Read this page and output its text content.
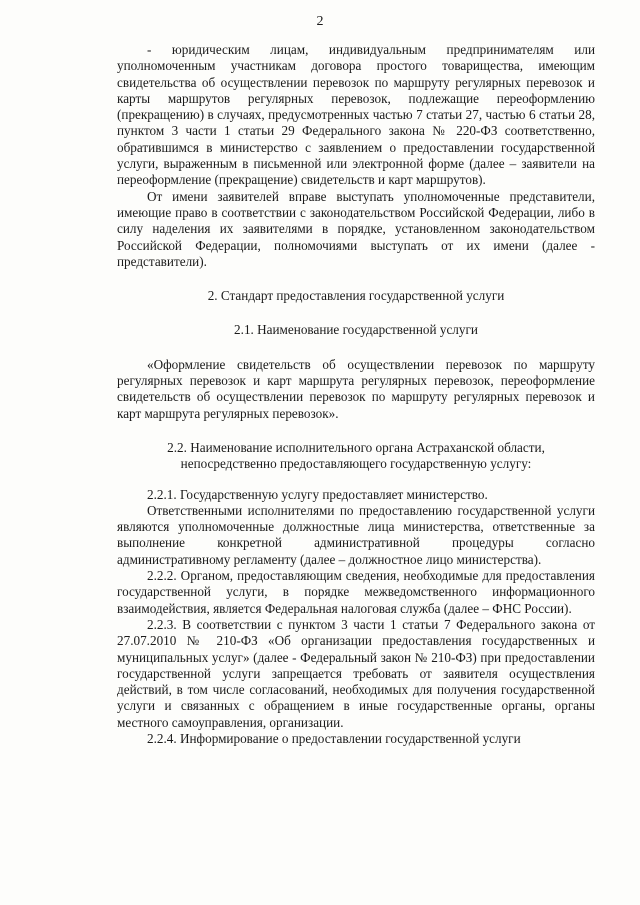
2

- юридическим лицам, индивидуальным предпринимателям или уполномоченным участникам договора простого товарищества, имеющим свидетельства об осуществлении перевозок по маршруту регулярных перевозок и карты маршрутов регулярных перевозок, подлежащие переоформлению (прекращению) в случаях, предусмотренных частью 7 статьи 27, частью 6 статьи 28, пунктом 3 части 1 статьи 29 Федерального закона № 220-ФЗ соответственно, обратившимся в министерство с заявлением о предоставлении государственной услуги, выраженным в письменной или электронной форме (далее – заявители на переоформление (прекращение) свидетельств и карт маршрутов).

От имени заявителей вправе выступать уполномоченные представители, имеющие право в соответствии с законодательством Российской Федерации, либо в силу наделения их заявителями в порядке, установленном законодательством Российской Федерации, полномочиями выступать от их имени (далее - представители).

2. Стандарт предоставления государственной услуги

2.1. Наименование государственной услуги

«Оформление свидетельств об осуществлении перевозок по маршруту регулярных перевозок и карт маршрута регулярных перевозок, переоформление свидетельств об осуществлении перевозок по маршруту регулярных перевозок и карт маршрута регулярных перевозок».

2.2. Наименование исполнительного органа Астраханской области,

непосредственно предоставляющего государственную услугу:

2.2.1. Государственную услугу предоставляет министерство.

Ответственными исполнителями по предоставлению государственной услуги являются уполномоченные должностные лица министерства, ответственные за выполнение конкретной административной процедуры согласно административному регламенту (далее – должностное лицо министерства).

2.2.2. Органом, предоставляющим сведения, необходимые для предоставления государственной услуги, в порядке межведомственного информационного взаимодействия, является Федеральная налоговая служба (далее – ФНС России).

2.2.3. В соответствии с пунктом 3 части 1 статьи 7 Федерального закона от 27.07.2010 № 210-ФЗ «Об организации предоставления государственных и муниципальных услуг» (далее - Федеральный закон № 210-ФЗ) при предоставлении государственной услуги запрещается требовать от заявителя осуществления действий, в том числе согласований, необходимых для получения государственной услуги и связанных с обращением в иные государственные органы, органы местного самоуправления, организации.

2.2.4. Информирование о предоставлении государственной услуги
